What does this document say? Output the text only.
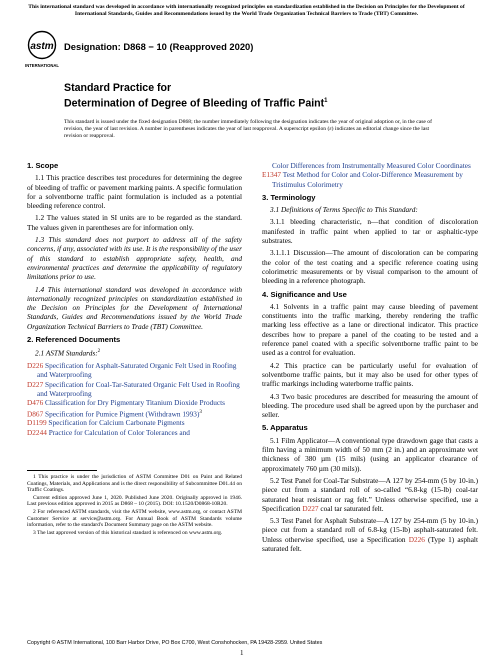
This international standard was developed in accordance with internationally recognized principles on standardization established in the Decision on Principles for the Development of International Standards, Guides and Recommendations issued by the World Trade Organization Technical Barriers to Trade (TBT) Committee.
astm
INTERNATIONAL
Designation: D868 − 10 (Reapproved 2020)
Standard Practice for
Determination of Degree of Bleeding of Traffic Paint$^1$
This standard is issued under the fixed designation D868; the number immediately following the designation indicates the year of original adoption or, in the case of revision, the year of last revision. A number in parentheses indicates the year of last reapproval. A superscript epsilon (ε) indicates an editorial change since the last revision or reapproval.
1. Scope

1.1 This practice describes test procedures for determining the degree of bleeding of traffic or pavement marking paints. A specific formulation for a solventborne traffic paint formulation is included as a potential bleeding reference control.

1.2 The values stated in SI units are to be regarded as the standard. The values given in parentheses are for information only.

1.3 This standard does not purport to address all of the safety concerns, if any, associated with its use. It is the responsibility of the user of this standard to establish appropriate safety, health, and environmental practices and determine the applicability of regulatory limitations prior to use.

1.4 This international standard was developed in accordance with internationally recognized principles on standardization established in the Decision on Principles for the Development of International Standards, Guides and Recommendations issued by the World Trade Organization Technical Barriers to Trade (TBT) Committee.

2. Referenced Documents

2.1 ASTM Standards:$^2$

D226 Specification for Asphalt-Saturated Organic Felt Used in Roofing and Waterproofing
D227 Specification for Coal-Tar-Saturated Organic Felt Used in Roofing and Waterproofing
D476 Classification for Dry Pigmentary Titanium Dioxide Products
D867 Specification for Pumice Pigment (Withdrawn 1993)$^3$
D1199 Specification for Calcium Carbonate Pigments
D2244 Practice for Calculation of Color Tolerances and

1 This practice is under the jurisdiction of ASTM Committee D01 on Paint and Related Coatings, Materials, and Applications and is the direct responsibility of Subcommittee D01.44 on Traffic Coatings.

Current edition approved June 1, 2020. Published June 2020. Originally approved in 1946. Last previous edition approved in 2015 as D868 – 10 (2015). DOI: 10.1520/D0868-10R20.

2 For referenced ASTM standards, visit the ASTM website, www.astm.org, or contact ASTM Customer Service at service@astm.org. For Annual Book of ASTM Standards volume information, refer to the standard's Document Summary page on the ASTM website.

3 The last approved version of this historical standard is referenced on www.astm.org.

Color Differences from Instrumentally Measured Color Coordinates
E1347 Test Method for Color and Color-Difference Measurement by Tristimulus Colorimetry
3. Terminology

3.1 Definitions of Terms Specific to This Standard:

3.1.1 bleeding characteristic, n—that condition of discoloration manifested in traffic paint when applied to tar or asphaltic-type substrates.

3.1.1.1 Discussion—The amount of discoloration can be comparing the color of the test coating and a specific reference coating using colorimetric measurements or by visual comparison to the amount of bleeding in a reference photograph.

4. Significance and Use

4.1 Solvents in a traffic paint may cause bleeding of pavement constituents into the traffic marking, thereby rendering the traffic marking less effective as a lane or directional indicator. This practice describes how to prepare a panel of the coating to be tested and a reference panel coated with a specific solventborne traffic paint to be used as a control for evaluation.

4.2 This practice can be particularly useful for evaluation of solventborne traffic paints, but it may also be used for other types of traffic markings including waterborne traffic paints.

4.3 Two basic procedures are described for measuring the amount of bleeding. The procedure used shall be agreed upon by the purchaser and seller.

5. Apparatus

5.1 Film Applicator—A conventional type drawdown gage that casts a film having a minimum width of 50 mm (2 in.) and an approximate wet thickness of 380 µm (15 mils) (using an applicator clearance of approximately 760 µm (30 mils)).

5.2 Test Panel for Coal-Tar Substrate—A 127 by 254-mm (5 by 10-in.) piece cut from a standard roll of so-called “6.8-kg (15-lb) coal-tar saturated heat resistant or rag felt.” Unless otherwise specified, use a Specification D227 coal tar saturated felt.

5.3 Test Panel for Asphalt Substrate—A 127 by 254-mm (5 by 10-in.) piece cut from a standard roll of 6.8-kg (15-lb) asphalt-saturated felt. Unless otherwise specified, use a Specification D226 (Type 1) asphalt saturated felt.

Copyright © ASTM International, 100 Barr Harbor Drive, PO Box C700, West Conshohocken, PA 19428-2959. United States
1
